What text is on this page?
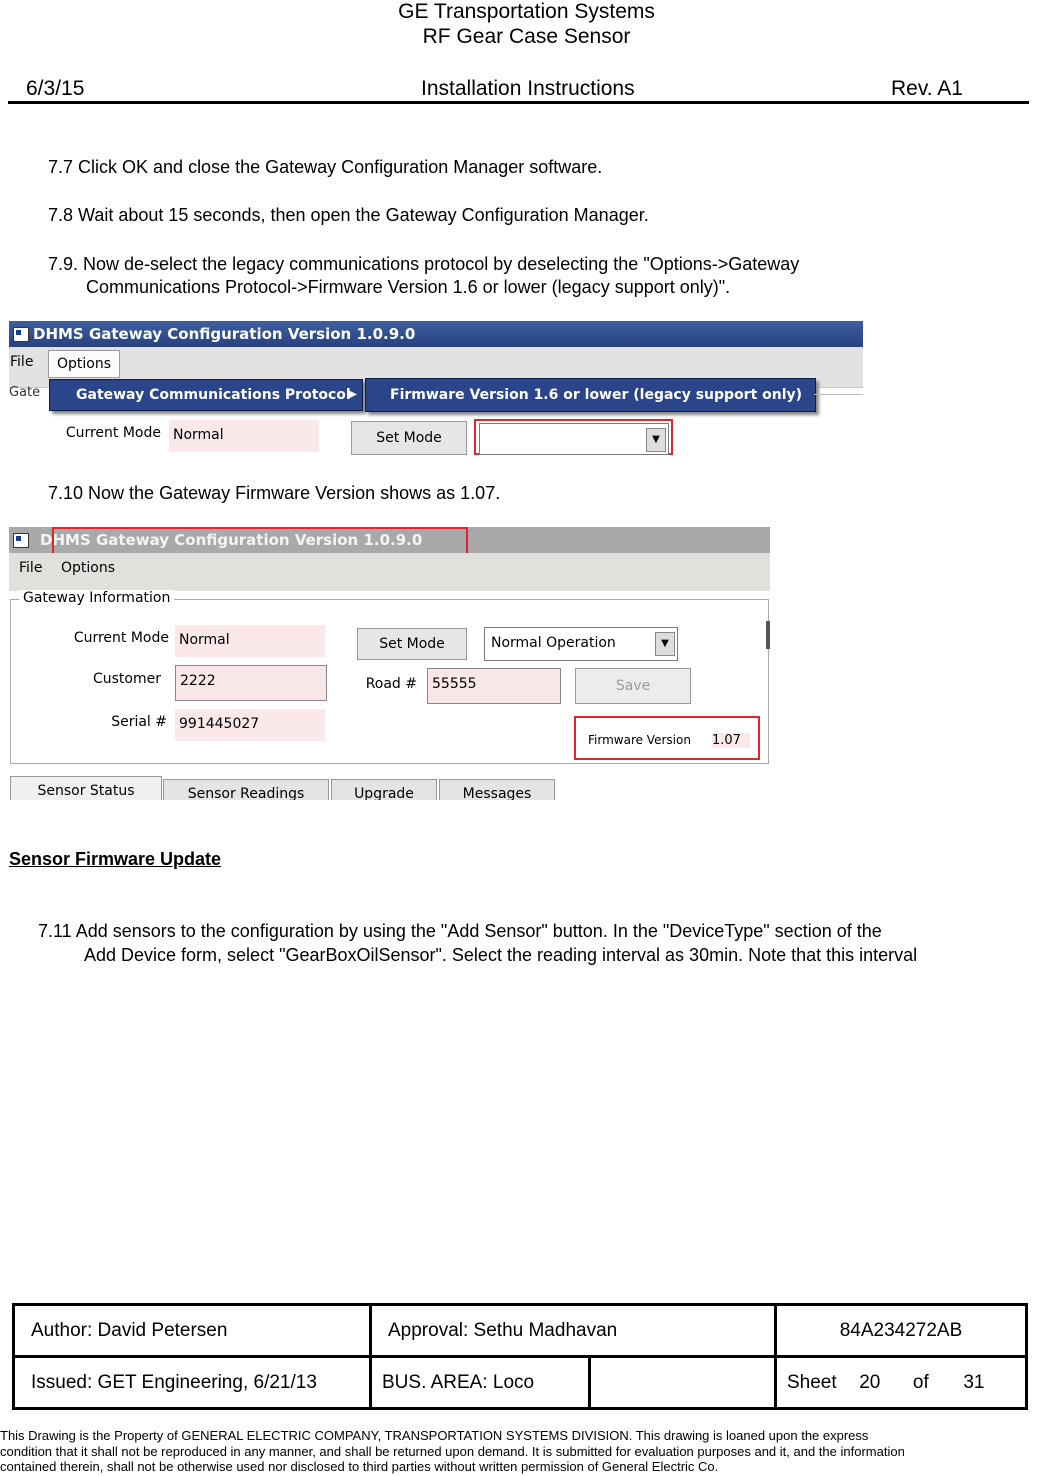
GE Transportation Systems
RF Gear Case Sensor
6/3/15	Installation Instructions	Rev. A1
7.7 Click OK and close the Gateway Configuration Manager software.
7.8 Wait about 15 seconds, then open the Gateway Configuration Manager.
7.9. Now de-select the legacy communications protocol by deselecting the "Options->Gateway
Communications Protocol->Firmware Version 1.6 or lower (legacy support only)".
DHMS Gateway Configuration Version 1.0.9.0
File	Options
Gate	Gateway Communications Protocol
▶ Firmware Version 1.6 or lower (legacy support only)
Current Mode Normal	Set Mode	▼
7.10 Now the Gateway Firmware Version shows as 1.07.
DHMS Gateway Configuration Version 1.0.9.0
File Options
Gateway Information
Current Mode Normal
Customer	2222
Serial # 991445027
Set Mode	Normal Operation	▼
Road #	55555	Save
Firmware Version 1.07
Sensor Status	Sensor Readings	Upgrade	Messages
Sensor Firmware Update
7.11 Add sensors to the configuration by using the "Add Sensor" button. In the "DeviceType" section of the
Add Device form, select "GearBoxOilSensor". Select the reading interval as 30min. Note that this interval
Author: David Petersen	Approval: Sethu Madhavan		84A234272AB
Issued: GET Engineering, 6/21/13	BUS. AREA: Loco		Sheet 20 of 31
This Drawing is the Property of GENERAL ELECTRIC COMPANY, TRANSPORTATION SYSTEMS DIVISION. This drawing is loaned upon the express
condition that it shall not be reproduced in any manner, and shall be returned upon demand. It is submitted for evaluation purposes and it, and the information
contained therein, shall not be otherwise used nor disclosed to third parties without written permission of General Electric Co.
